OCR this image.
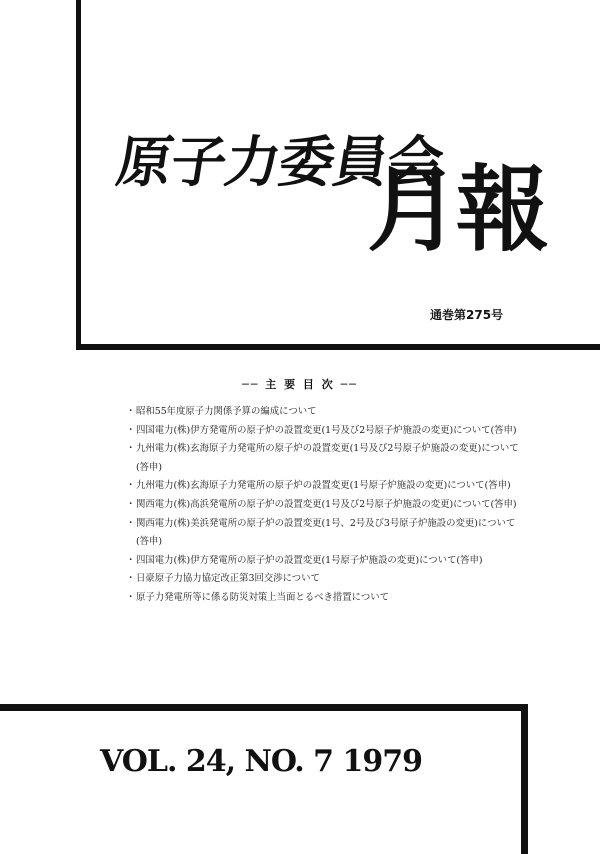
原子力委員会
月報
通巻第275号
── 主 要 目 次 ──
・ 昭和55年度原子力関係予算の編成について
・ 四国電力(株)伊方発電所の原子炉の設置変更(1号及び2号原子炉施設の変更)について(答申)
・ 九州電力(株)玄海原子力発電所の原子炉の設置変更(1号及び2号原子炉施設の変更)について(答申)
・ 九州電力(株)玄海原子力発電所の原子炉の設置変更(1号原子炉施設の変更)について(答申)
・ 関西電力(株)高浜発電所の原子炉の設置変更(1号及び2号原子炉施設の変更)について(答申)
・ 関西電力(株)美浜発電所の原子炉の設置変更(1号、2号及び3号原子炉施設の変更)について(答申)
・ 四国電力(株)伊方発電所の原子炉の設置変更(1号原子炉施設の変更)について(答申)
・ 日豪原子力協力協定改正第3回交渉について
・ 原子力発電所等に係る防災対策上当面とるべき措置について
VOL. 24, NO. 7 1979
